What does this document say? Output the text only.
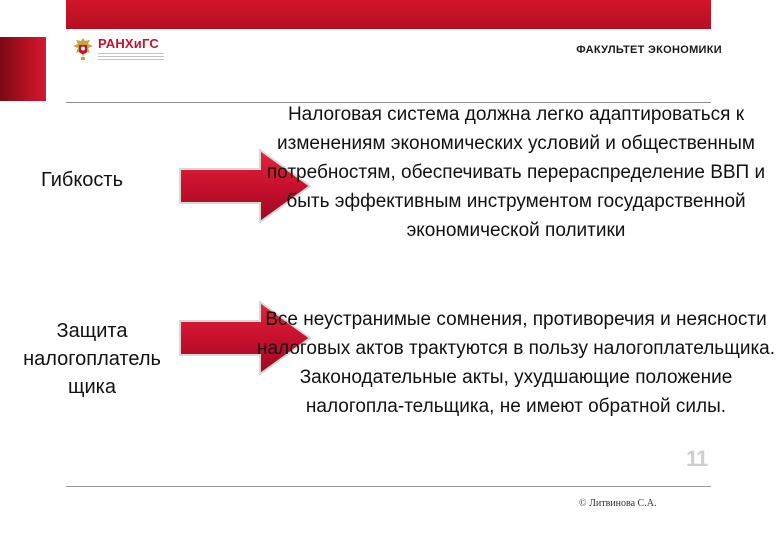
РАНХиГС	ФАКУЛЬТЕТ ЭКОНОМИКИ
Гибкость
Налоговая система должна легко адаптироваться к изменениям экономических условий и общественным потребностям, обеспечивать перераспределение ВВП и быть эффективным инструментом государственной экономической политики
Защита
налогоплатель
щика
Все неустранимые сомнения, противоречия и неясности налоговых актов трактуются в пользу налогоплательщика. Законодательные акты, ухудшающие положение налогопла-тельщика, не имеют обратной силы.
11
© Литвинова С.А.
